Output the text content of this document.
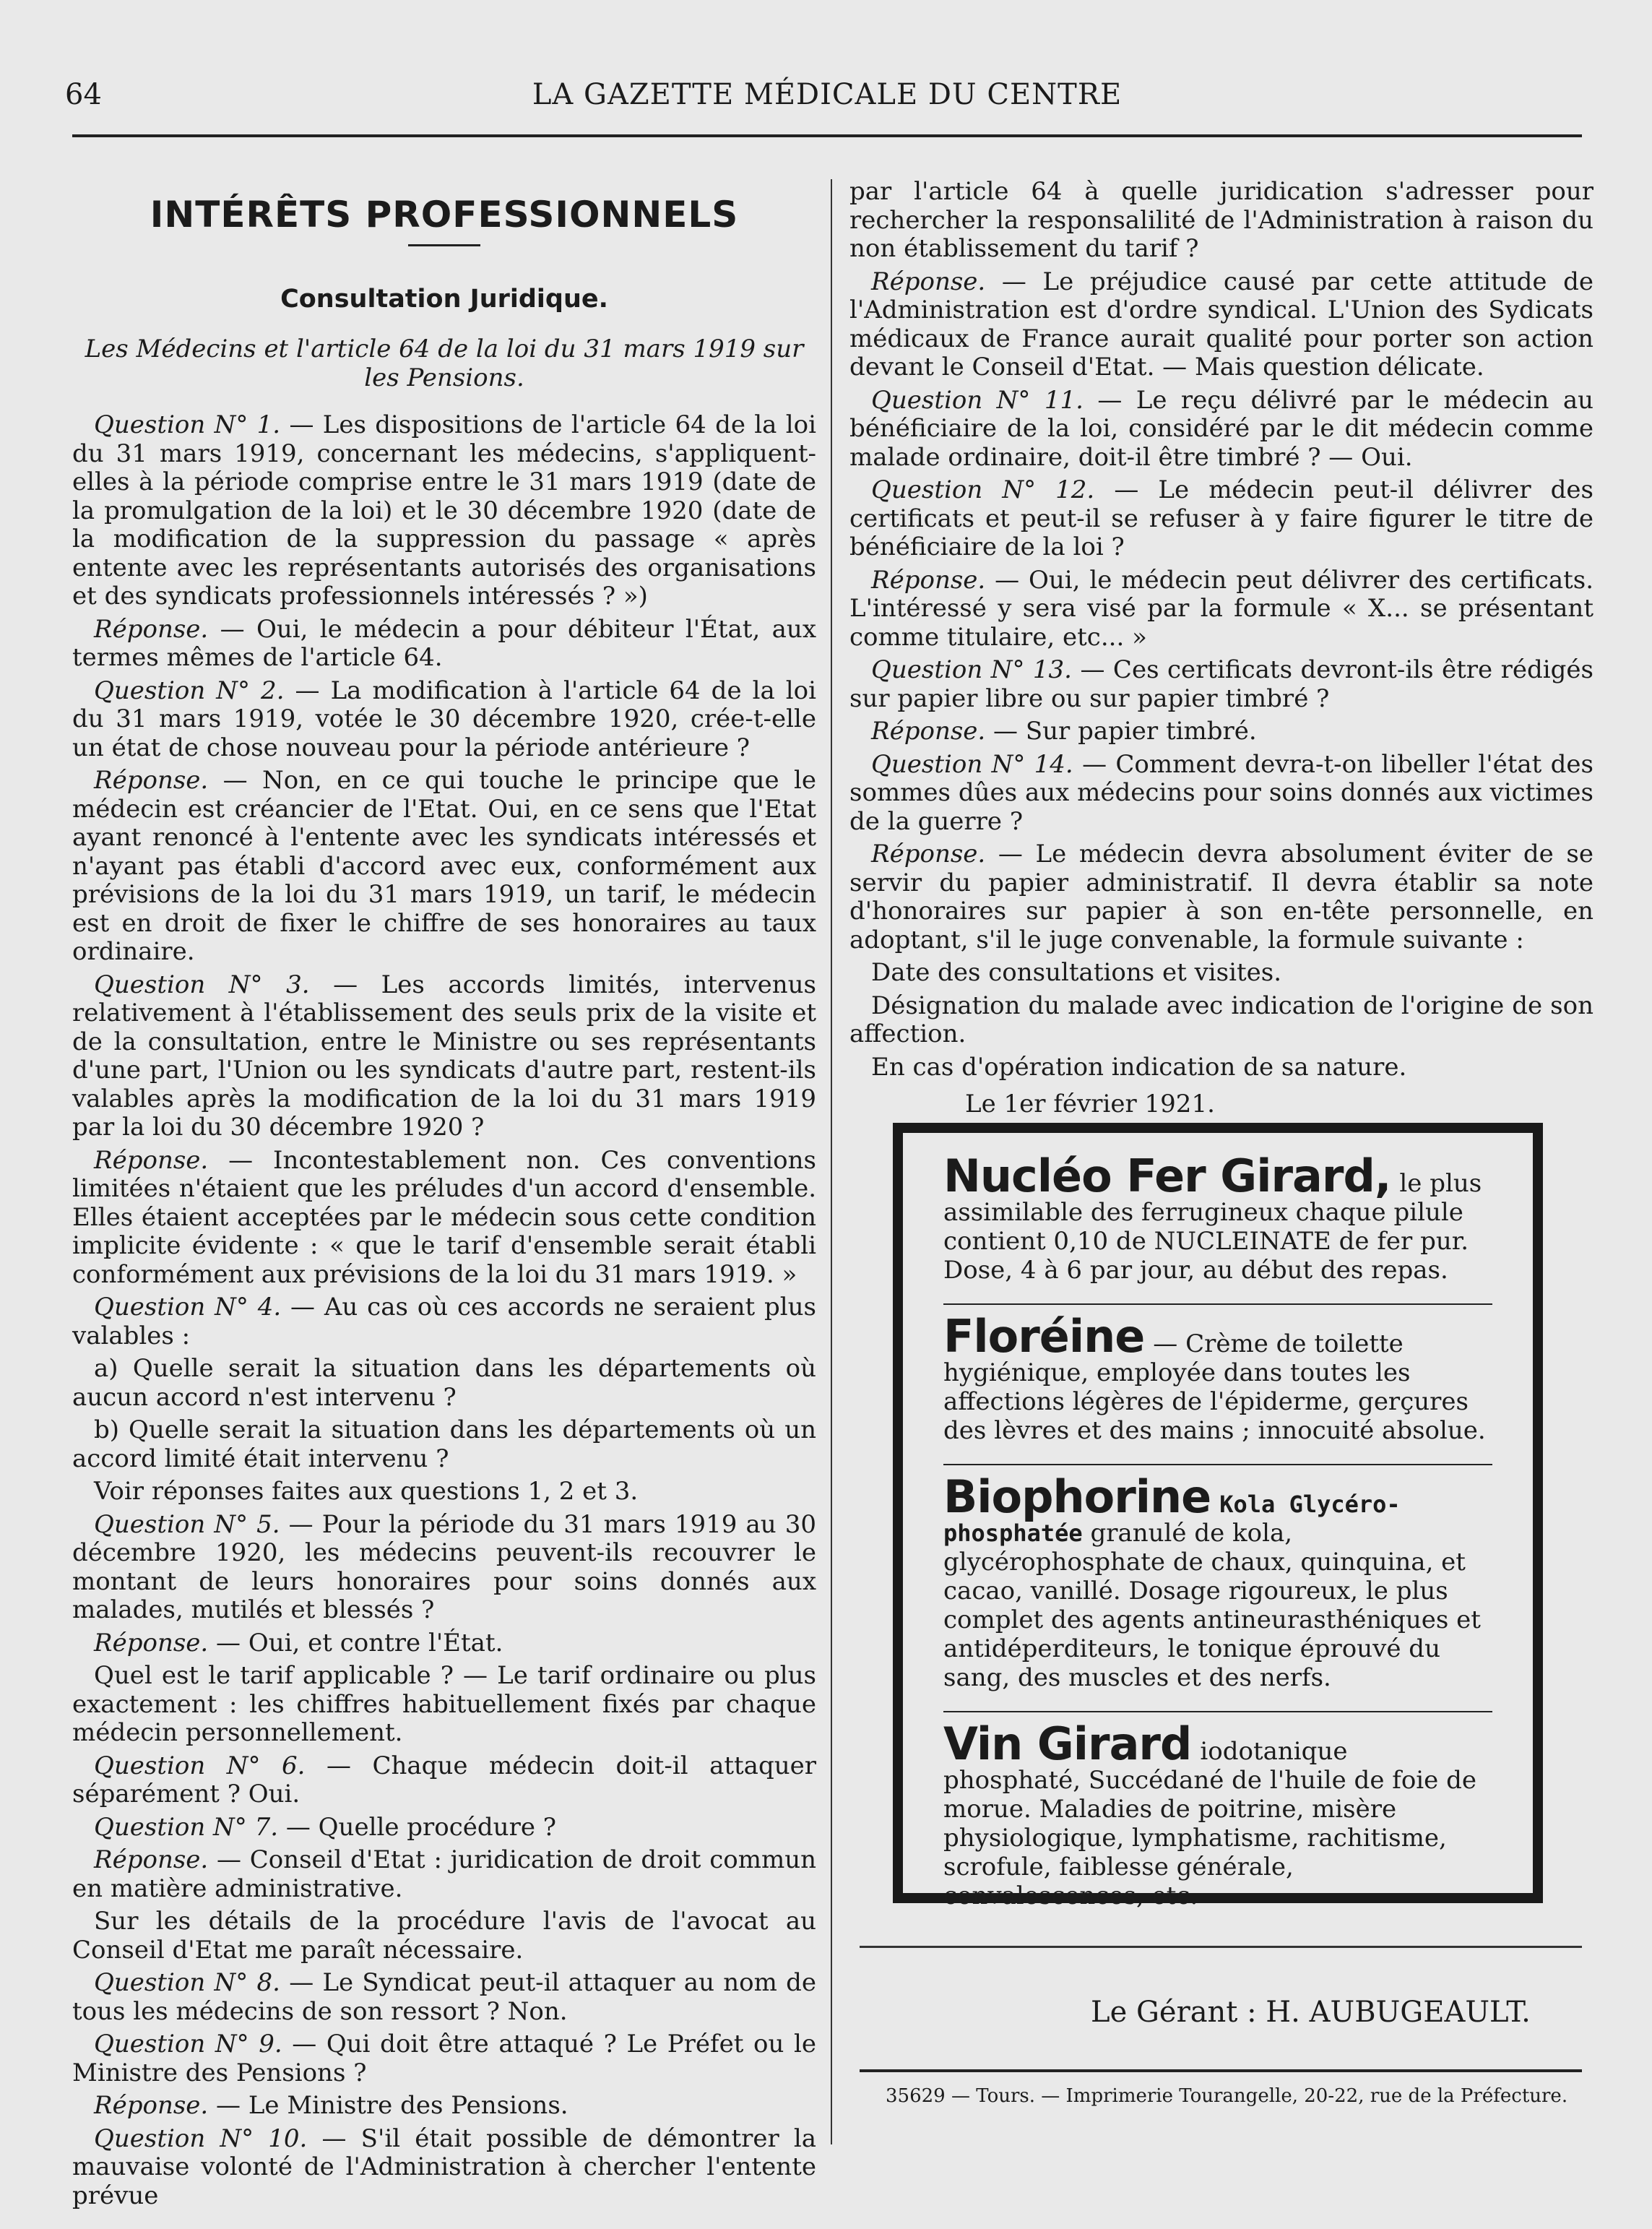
64	LA GAZETTE MÉDICALE DU CENTRE
INTÉRÊTS PROFESSIONNELS
Consultation Juridique.

Les Médecins et l'article 64 de la loi du 31 mars 1919 sur les Pensions.

Question N° 1. — Les dispositions de l'article 64 de la loi du 31 mars 1919, concernant les médecins, s'appliquent-elles à la période comprise entre le 31 mars 1919 (date de la promulgation de la loi) et le 30 décembre 1920 (date de la modification de la suppression du passage « après entente avec les représentants autorisés des organisations et des syndicats professionnels intéressés ? »)

Réponse. — Oui, le médecin a pour débiteur l'État, aux termes mêmes de l'article 64.

Question N° 2. — La modification à l'article 64 de la loi du 31 mars 1919, votée le 30 décembre 1920, crée-t-elle un état de chose nouveau pour la période antérieure ?

Réponse. — Non, en ce qui touche le principe que le médecin est créancier de l'Etat. Oui, en ce sens que l'Etat ayant renoncé à l'entente avec les syndicats intéressés et n'ayant pas établi d'accord avec eux, conformément aux prévisions de la loi du 31 mars 1919, un tarif, le médecin est en droit de fixer le chiffre de ses honoraires au taux ordinaire.

Question N° 3. — Les accords limités, intervenus relativement à l'établissement des seuls prix de la visite et de la consultation, entre le Ministre ou ses représentants d'une part, l'Union ou les syndicats d'autre part, restent-ils valables après la modification de la loi du 31 mars 1919 par la loi du 30 décembre 1920 ?

Réponse. — Incontestablement non. Ces conventions limitées n'étaient que les préludes d'un accord d'ensemble. Elles étaient acceptées par le médecin sous cette condition implicite évidente : « que le tarif d'ensemble serait établi conformément aux prévisions de la loi du 31 mars 1919. »

Question N° 4. — Au cas où ces accords ne seraient plus valables :

a) Quelle serait la situation dans les départements où aucun accord n'est intervenu ?

b) Quelle serait la situation dans les départements où un accord limité était intervenu ?

Voir réponses faites aux questions 1, 2 et 3.

Question N° 5. — Pour la période du 31 mars 1919 au 30 décembre 1920, les médecins peuvent-ils recouvrer le montant de leurs honoraires pour soins donnés aux malades, mutilés et blessés ?

Réponse. — Oui, et contre l'État.

Quel est le tarif applicable ? — Le tarif ordinaire ou plus exactement : les chiffres habituellement fixés par chaque médecin personnellement.

Question N° 6. — Chaque médecin doit-il attaquer séparément ? Oui.

Question N° 7. — Quelle procédure ?

Réponse. — Conseil d'Etat : juridication de droit commun en matière administrative.

Sur les détails de la procédure l'avis de l'avocat au Conseil d'Etat me paraît nécessaire.

Question N° 8. — Le Syndicat peut-il attaquer au nom de tous les médecins de son ressort ? Non.

Question N° 9. — Qui doit être attaqué ? Le Préfet ou le Ministre des Pensions ?

Réponse. — Le Ministre des Pensions.

Question N° 10. — S'il était possible de démontrer la mauvaise volonté de l'Administration à chercher l'entente prévue

par l'article 64 à quelle juridication s'adresser pour rechercher la responsalilité de l'Administration à raison du non établissement du tarif ?

Réponse. — Le préjudice causé par cette attitude de l'Administration est d'ordre syndical. L'Union des Sydicats médicaux de France aurait qualité pour porter son action devant le Conseil d'Etat. — Mais question délicate.

Question N° 11. — Le reçu délivré par le médecin au bénéficiaire de la loi, considéré par le dit médecin comme malade ordinaire, doit-il être timbré ? — Oui.

Question N° 12. — Le médecin peut-il délivrer des certificats et peut-il se refuser à y faire figurer le titre de bénéficiaire de la loi ?

Réponse. — Oui, le médecin peut délivrer des certificats. L'intéressé y sera visé par la formule « X... se présentant comme titulaire, etc... »

Question N° 13. — Ces certificats devront-ils être rédigés sur papier libre ou sur papier timbré ?

Réponse. — Sur papier timbré.

Question N° 14. — Comment devra-t-on libeller l'état des sommes dûes aux médecins pour soins donnés aux victimes de la guerre ?

Réponse. — Le médecin devra absolument éviter de se servir du papier administratif. Il devra établir sa note d'honoraires sur papier à son en-tête personnelle, en adoptant, s'il le juge convenable, la formule suivante :

Date des consultations et visites.

Désignation du malade avec indication de l'origine de son affection.

En cas d'opération indication de sa nature.

Le 1er février 1921.

Nucléo Fer Girard, le plus assimilable des ferrugineux chaque pilule contient 0,10 de NUCLEINATE de fer pur. Dose, 4 à 6 par jour, au début des repas.
Floréine — Crème de toilette hygiénique, employée dans toutes les affections légères de l'épiderme, gerçures des lèvres et des mains ; innocuité absolue.
Biophorine Kola Glycéro-phosphatée granulé de kola, glycérophosphate de chaux, quinquina, et cacao, vanillé. Dosage rigoureux, le plus complet des agents antineurasthéniques et antidéperditeurs, le tonique éprouvé du sang, des muscles et des nerfs.
Vin Girard iodotanique phosphaté, Succédané de l'huile de foie de morue. Maladies de poitrine, misère physiologique, lymphatisme, rachitisme, scrofule, faiblesse générale, convalescences, etc.
Le Gérant : H. AUBUGEAULT.
35629 — Tours. — Imprimerie Tourangelle, 20-22, rue de la Préfecture.
